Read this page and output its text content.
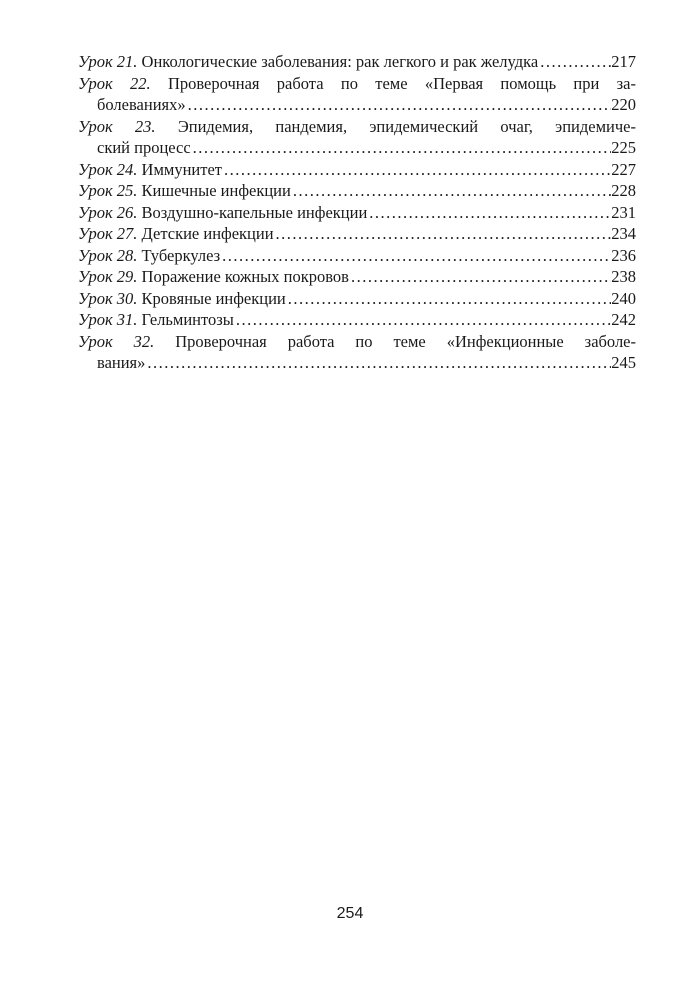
Урок 21. Онкологические заболевания: рак легкого и рак желудка .....	217
Урок 22. Проверочная работа по теме «Первая помощь при за-
болеваниях» .....	220
Урок 23. Эпидемия, пандемия, эпидемический очаг, эпидемиче-
ский процесс .....	225
Урок 24. Иммунитет .....	227
Урок 25. Кишечные инфекции .....	228
Урок 26. Воздушно-капельные инфекции .....	231
Урок 27. Детские инфекции .....	234
Урок 28. Туберкулез .....	236
Урок 29. Поражение кожных покровов .....	238
Урок 30. Кровяные инфекции .....	240
Урок 31. Гельминтозы .....	242
Урок 32. Проверочная работа по теме «Инфекционные заболе-
вания» .....	245
254
